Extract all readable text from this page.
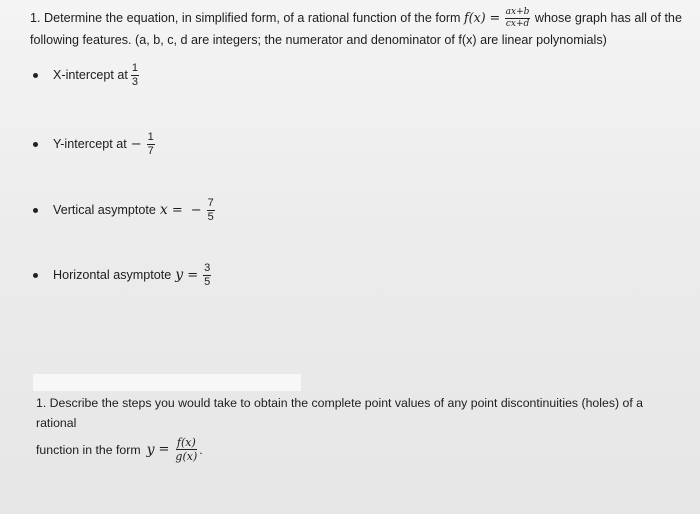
1. Determine the equation, in simplified form, of a rational function of the form $f(x) = \frac{ax+b}{cx+d}$ whose graph has all of the following features. (a, b, c, d are integers; the numerator and denominator of f(x) are linear polynomials)
X-intercept at $\frac{1}{3}$
Y-intercept at − $\frac{1}{7}$
Vertical asymptote x = − $\frac{7}{5}$
Horizontal asymptote $y = \frac{3}{5}$
1. Describe the steps you would take to obtain the complete point values of any point discontinuities (holes) of a rational
function in the form $y = \frac{f(x)}{g(x)}$ .
